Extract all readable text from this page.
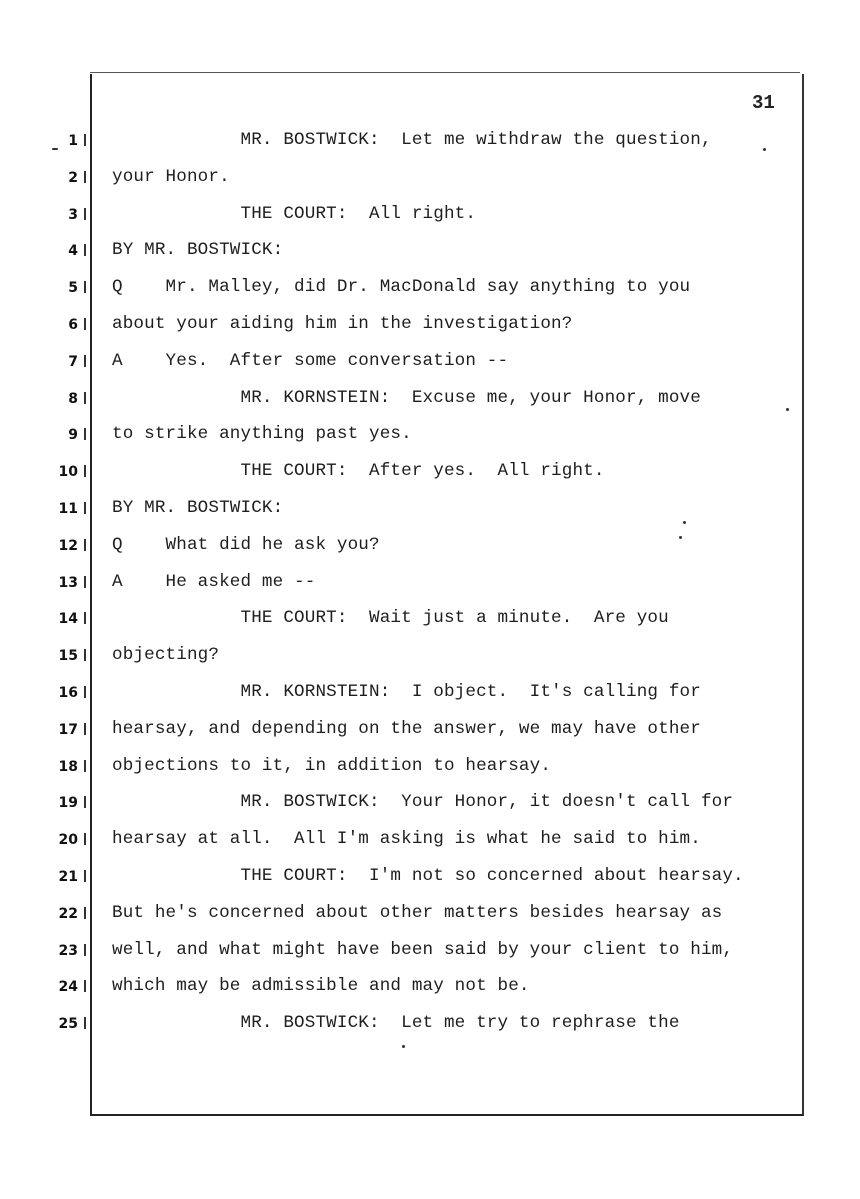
31
1 MR. BOSTWICK:  Let me withdraw the question,
2 your Honor.
3 THE COURT:  All right.
4 BY MR. BOSTWICK:
5 Q    Mr. Malley, did Dr. MacDonald say anything to you
6 about your aiding him in the investigation?
7 A    Yes.  After some conversation --
8 MR. KORNSTEIN:  Excuse me, your Honor, move
9 to strike anything past yes.
10 THE COURT:  After yes.  All right.
11 BY MR. BOSTWICK:
12 Q    What did he ask you?
13 A    He asked me --
14 THE COURT:  Wait just a minute.  Are you
15 objecting?
16 MR. KORNSTEIN:  I object.  It's calling for
17 hearsay, and depending on the answer, we may have other
18 objections to it, in addition to hearsay.
19 MR. BOSTWICK:  Your Honor, it doesn't call for
20 hearsay at all.  All I'm asking is what he said to him.
21 THE COURT:  I'm not so concerned about hearsay.
22 But he's concerned about other matters besides hearsay as
23 well, and what might have been said by your client to him,
24 which may be admissible and may not be.
25 MR. BOSTWICK:  Let me try to rephrase the
